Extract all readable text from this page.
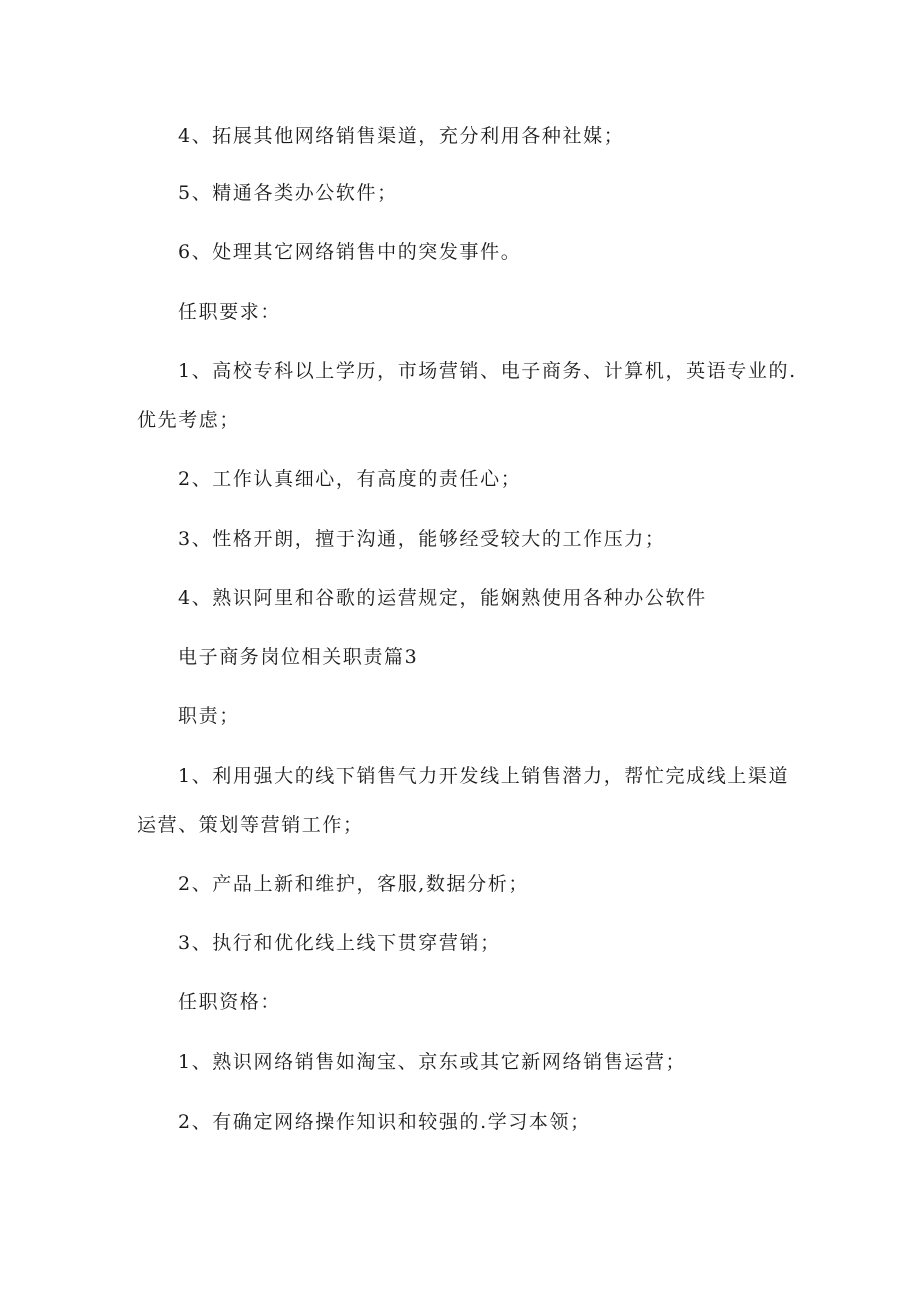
4、拓展其他网络销售渠道，充分利用各种社媒；
5、精通各类办公软件；
6、处理其它网络销售中的突发事件。
任职要求：
1、高校专科以上学历，市场营销、电子商务、计算机，英语专业的.
优先考虑；
2、工作认真细心，有高度的责任心；
3、性格开朗，擅于沟通，能够经受较大的工作压力；
4、熟识阿里和谷歌的运营规定，能娴熟使用各种办公软件
电子商务岗位相关职责篇3
职责；
1、利用强大的线下销售气力开发线上销售潜力，帮忙完成线上渠道
运营、策划等营销工作；
2、产品上新和维护，客服,数据分析；
3、执行和优化线上线下贯穿营销；
任职资格：
1、熟识网络销售如淘宝、京东或其它新网络销售运营；
2、有确定网络操作知识和较强的.学习本领；
